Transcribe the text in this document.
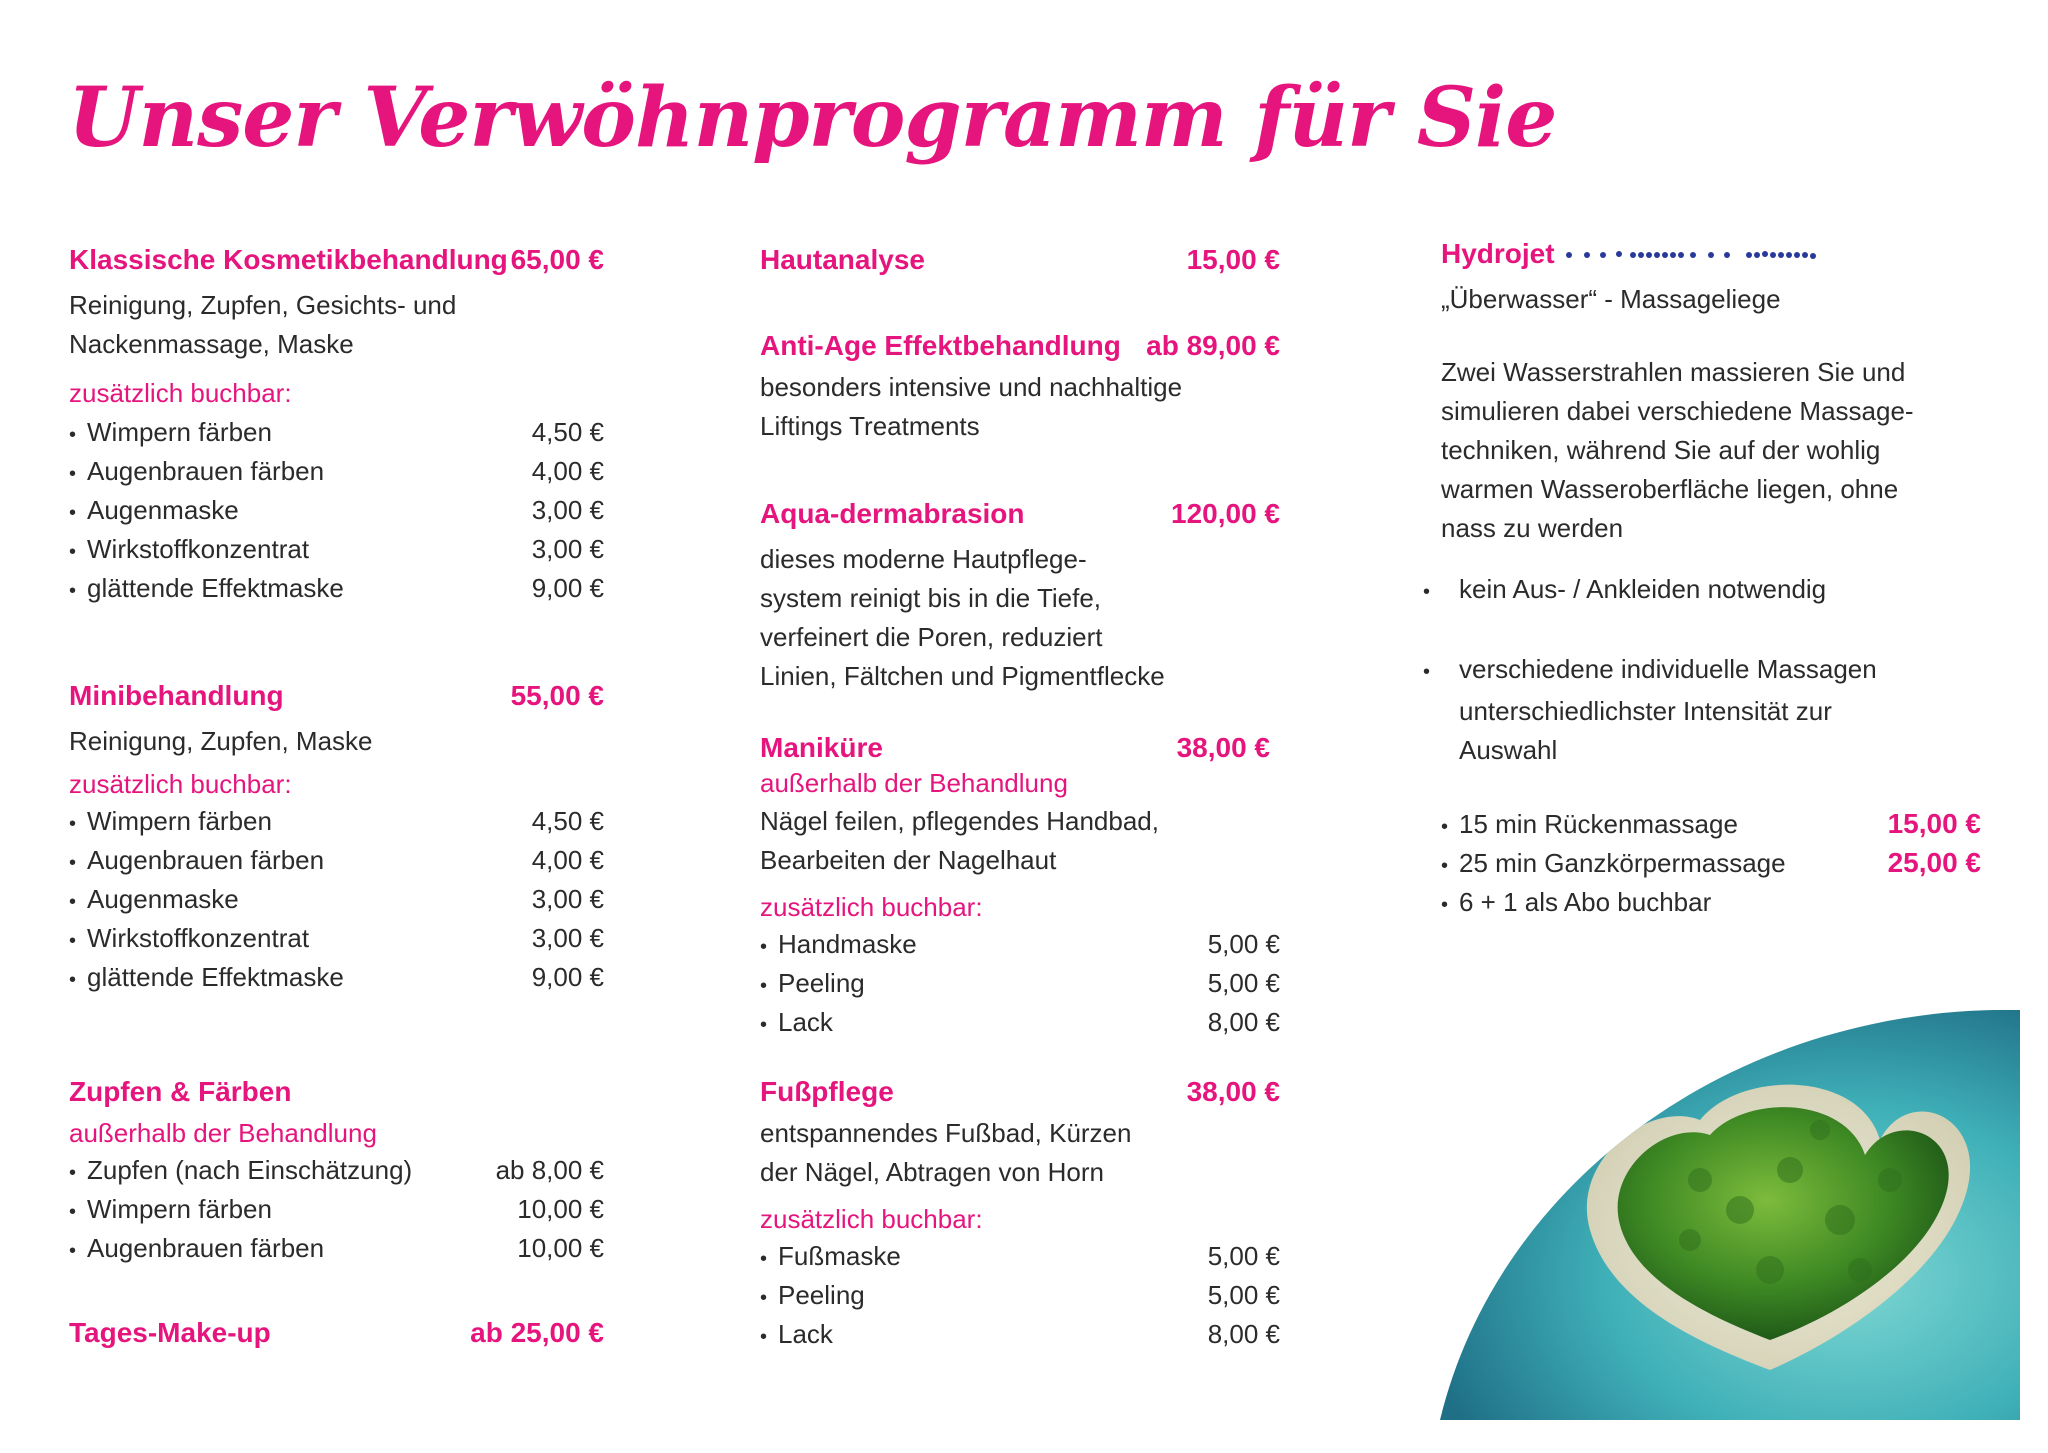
Unser Verwöhnprogramm für Sie
Klassische Kosmetikbehandlung 65,00 €
Reinigung, Zupfen, Gesichts- und
Nackenmassage, Maske
zusätzlich buchbar:
• Wimpern färben	4,50 €
• Augenbrauen färben	4,00 €
• Augenmaske	3,00 €
• Wirkstoffkonzentrat	3,00 €
• glättende Effektmaske	9,00 €
Minibehandlung	55,00 €
Reinigung, Zupfen, Maske
zusätzlich buchbar:
• Wimpern färben	4,50 €
• Augenbrauen färben	4,00 €
• Augenmaske	3,00 €
• Wirkstoffkonzentrat	3,00 €
• glättende Effektmaske	9,00 €
Zupfen & Färben
außerhalb der Behandlung
• Zupfen (nach Einschätzung)	ab 8,00 €
• Wimpern färben	10,00 €
• Augenbrauen färben	10,00 €
Tages-Make-up	ab 25,00 €
Hautanalyse	15,00 €
Anti-Age Effektbehandlung ab 89,00 €
besonders intensive und nachhaltige
Liftings Treatments
Aqua-dermabrasion	120,00 €
dieses moderne Hautpflege-
system reinigt bis in die Tiefe,
verfeinert die Poren, reduziert
Linien, Fältchen und Pigmentflecke
Maniküre	38,00 €
außerhalb der Behandlung
Nägel feilen, pflegendes Handbad,
Bearbeiten der Nagelhaut
zusätzlich buchbar:
• Handmaske	5,00 €
• Peeling	5,00 €
• Lack	8,00 €
Fußpflege	38,00 €
entspannendes Fußbad, Kürzen
der Nägel, Abtragen von Horn
zusätzlich buchbar:
• Fußmaske	5,00 €
• Peeling	5,00 €
• Lack	8,00 €
Hydrojet
„Überwasser“ - Massageliege
Zwei Wasserstrahlen massieren Sie und
simulieren dabei verschiedene Massage-
techniken, während Sie auf der wohlig
warmen Wasseroberfläche liegen, ohne
nass zu werden
• kein Aus- / Ankleiden notwendig
• verschiedene individuelle Massagen
unterschiedlichster Intensität zur
Auswahl
• 15 min Rückenmassage	15,00 €
• 25 min Ganzkörpermassage	25,00 €
• 6 + 1 als Abo buchbar
